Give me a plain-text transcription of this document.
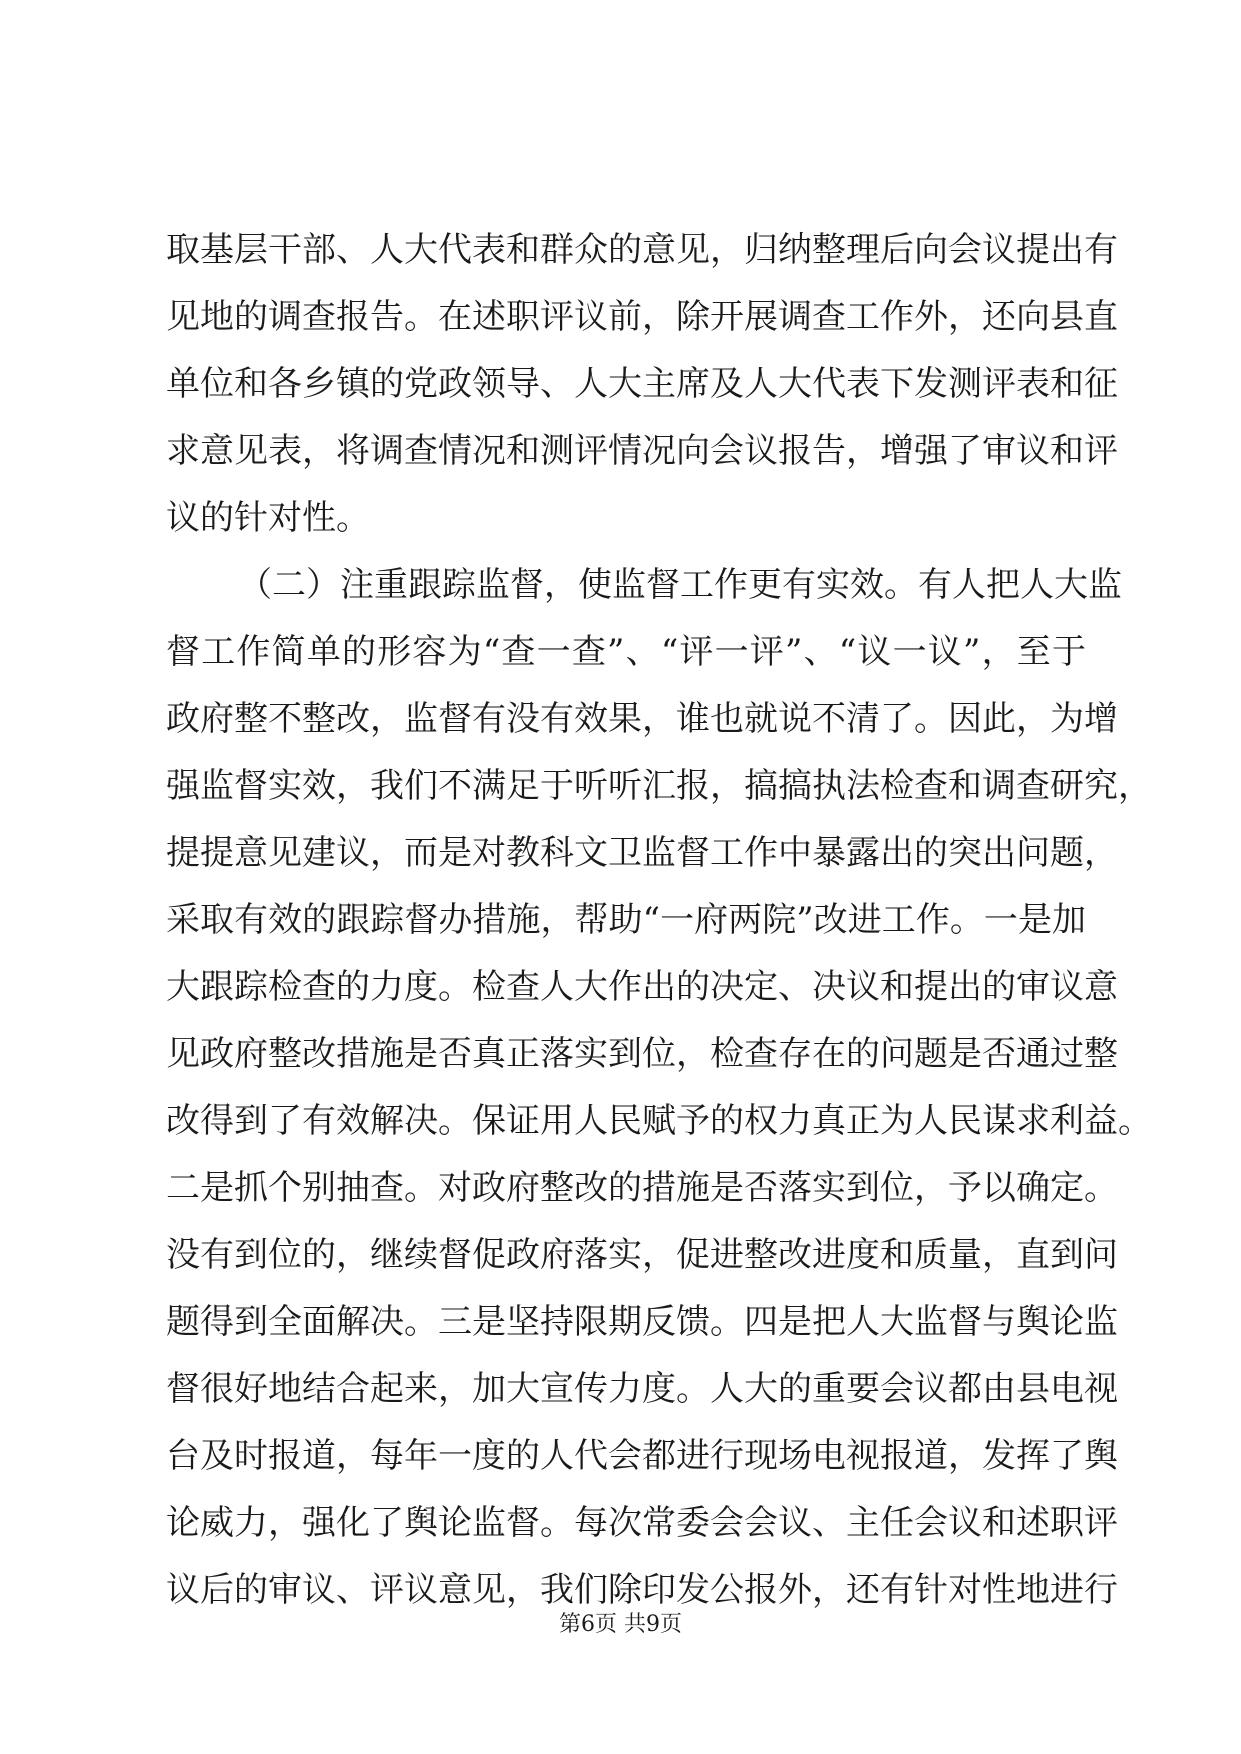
取基层干部、人大代表和群众的意见，归纳整理后向会议提出有
见地的调查报告。在述职评议前，除开展调查工作外，还向县直
单位和各乡镇的党政领导、人大主席及人大代表下发测评表和征
求意见表，将调查情况和测评情况向会议报告，增强了审议和评
议的针对性。
（二）注重跟踪监督，使监督工作更有实效。有人把人大监
督工作简单的形容为“查一查”、“评一评”、“议一议”，至于
政府整不整改，监督有没有效果，谁也就说不清了。因此，为增
强监督实效，我们不满足于听听汇报，搞搞执法检查和调查研究，
提提意见建议，而是对教科文卫监督工作中暴露出的突出问题，
采取有效的跟踪督办措施，帮助“一府两院”改进工作。一是加
大跟踪检查的力度。检查人大作出的决定、决议和提出的审议意
见政府整改措施是否真正落实到位，检查存在的问题是否通过整
改得到了有效解决。保证用人民赋予的权力真正为人民谋求利益。
二是抓个别抽查。对政府整改的措施是否落实到位，予以确定。
没有到位的，继续督促政府落实，促进整改进度和质量，直到问
题得到全面解决。三是坚持限期反馈。四是把人大监督与舆论监
督很好地结合起来，加大宣传力度。人大的重要会议都由县电视
台及时报道，每年一度的人代会都进行现场电视报道，发挥了舆
论威力，强化了舆论监督。每次常委会会议、主任会议和述职评
议后的审议、评议意见，我们除印发公报外，还有针对性地进行
第6页 共9页
